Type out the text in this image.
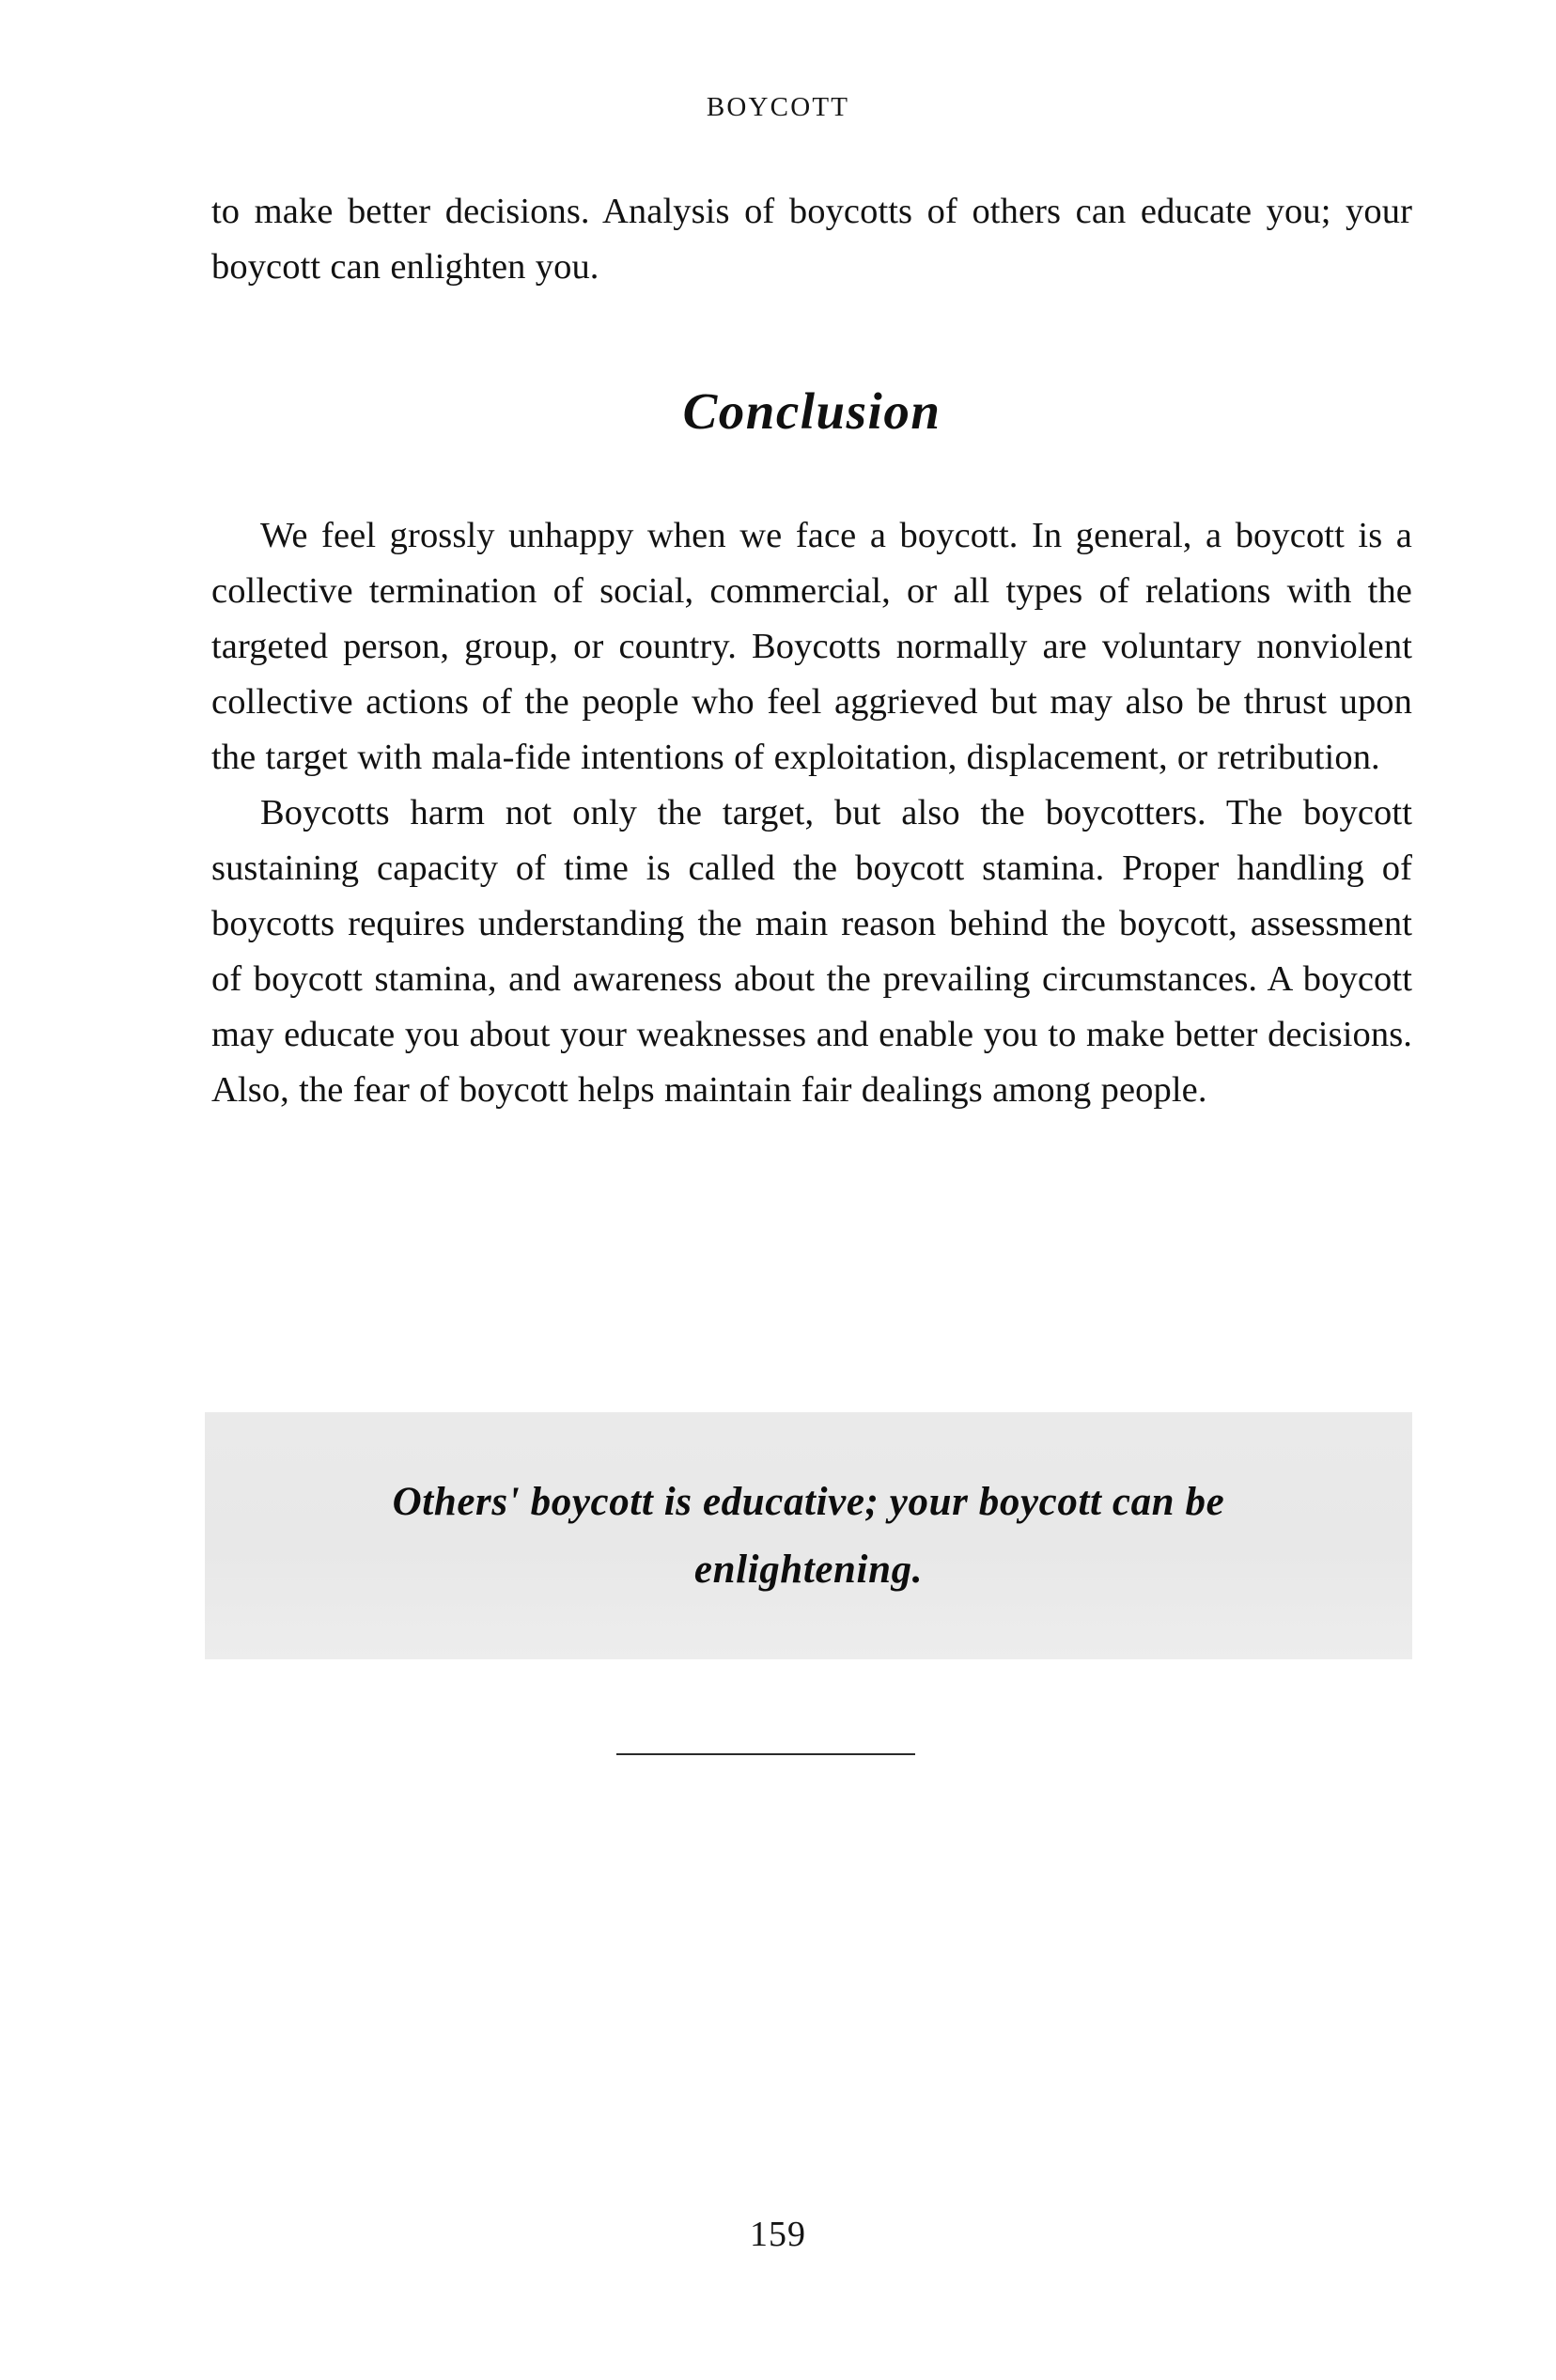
BOYCOTT

to make better decisions. Analysis of boycotts of others can educate you; your boycott can enlighten you.

Conclusion

We feel grossly unhappy when we face a boycott. In general, a boycott is a collective termination of social, commercial, or all types of relations with the targeted person, group, or country. Boycotts normally are voluntary nonviolent collective actions of the people who feel aggrieved but may also be thrust upon the target with mala-fide intentions of exploitation, displacement, or retribution.

Boycotts harm not only the target, but also the boycotters. The boycott sustaining capacity of time is called the boycott stamina. Proper handling of boycotts requires understanding the main reason behind the boycott, assessment of boycott stamina, and awareness about the prevailing circumstances. A boycott may educate you about your weaknesses and enable you to make better decisions. Also, the fear of boycott helps maintain fair dealings among people.

Others' boycott is educative; your boycott can be enlightening.
159
